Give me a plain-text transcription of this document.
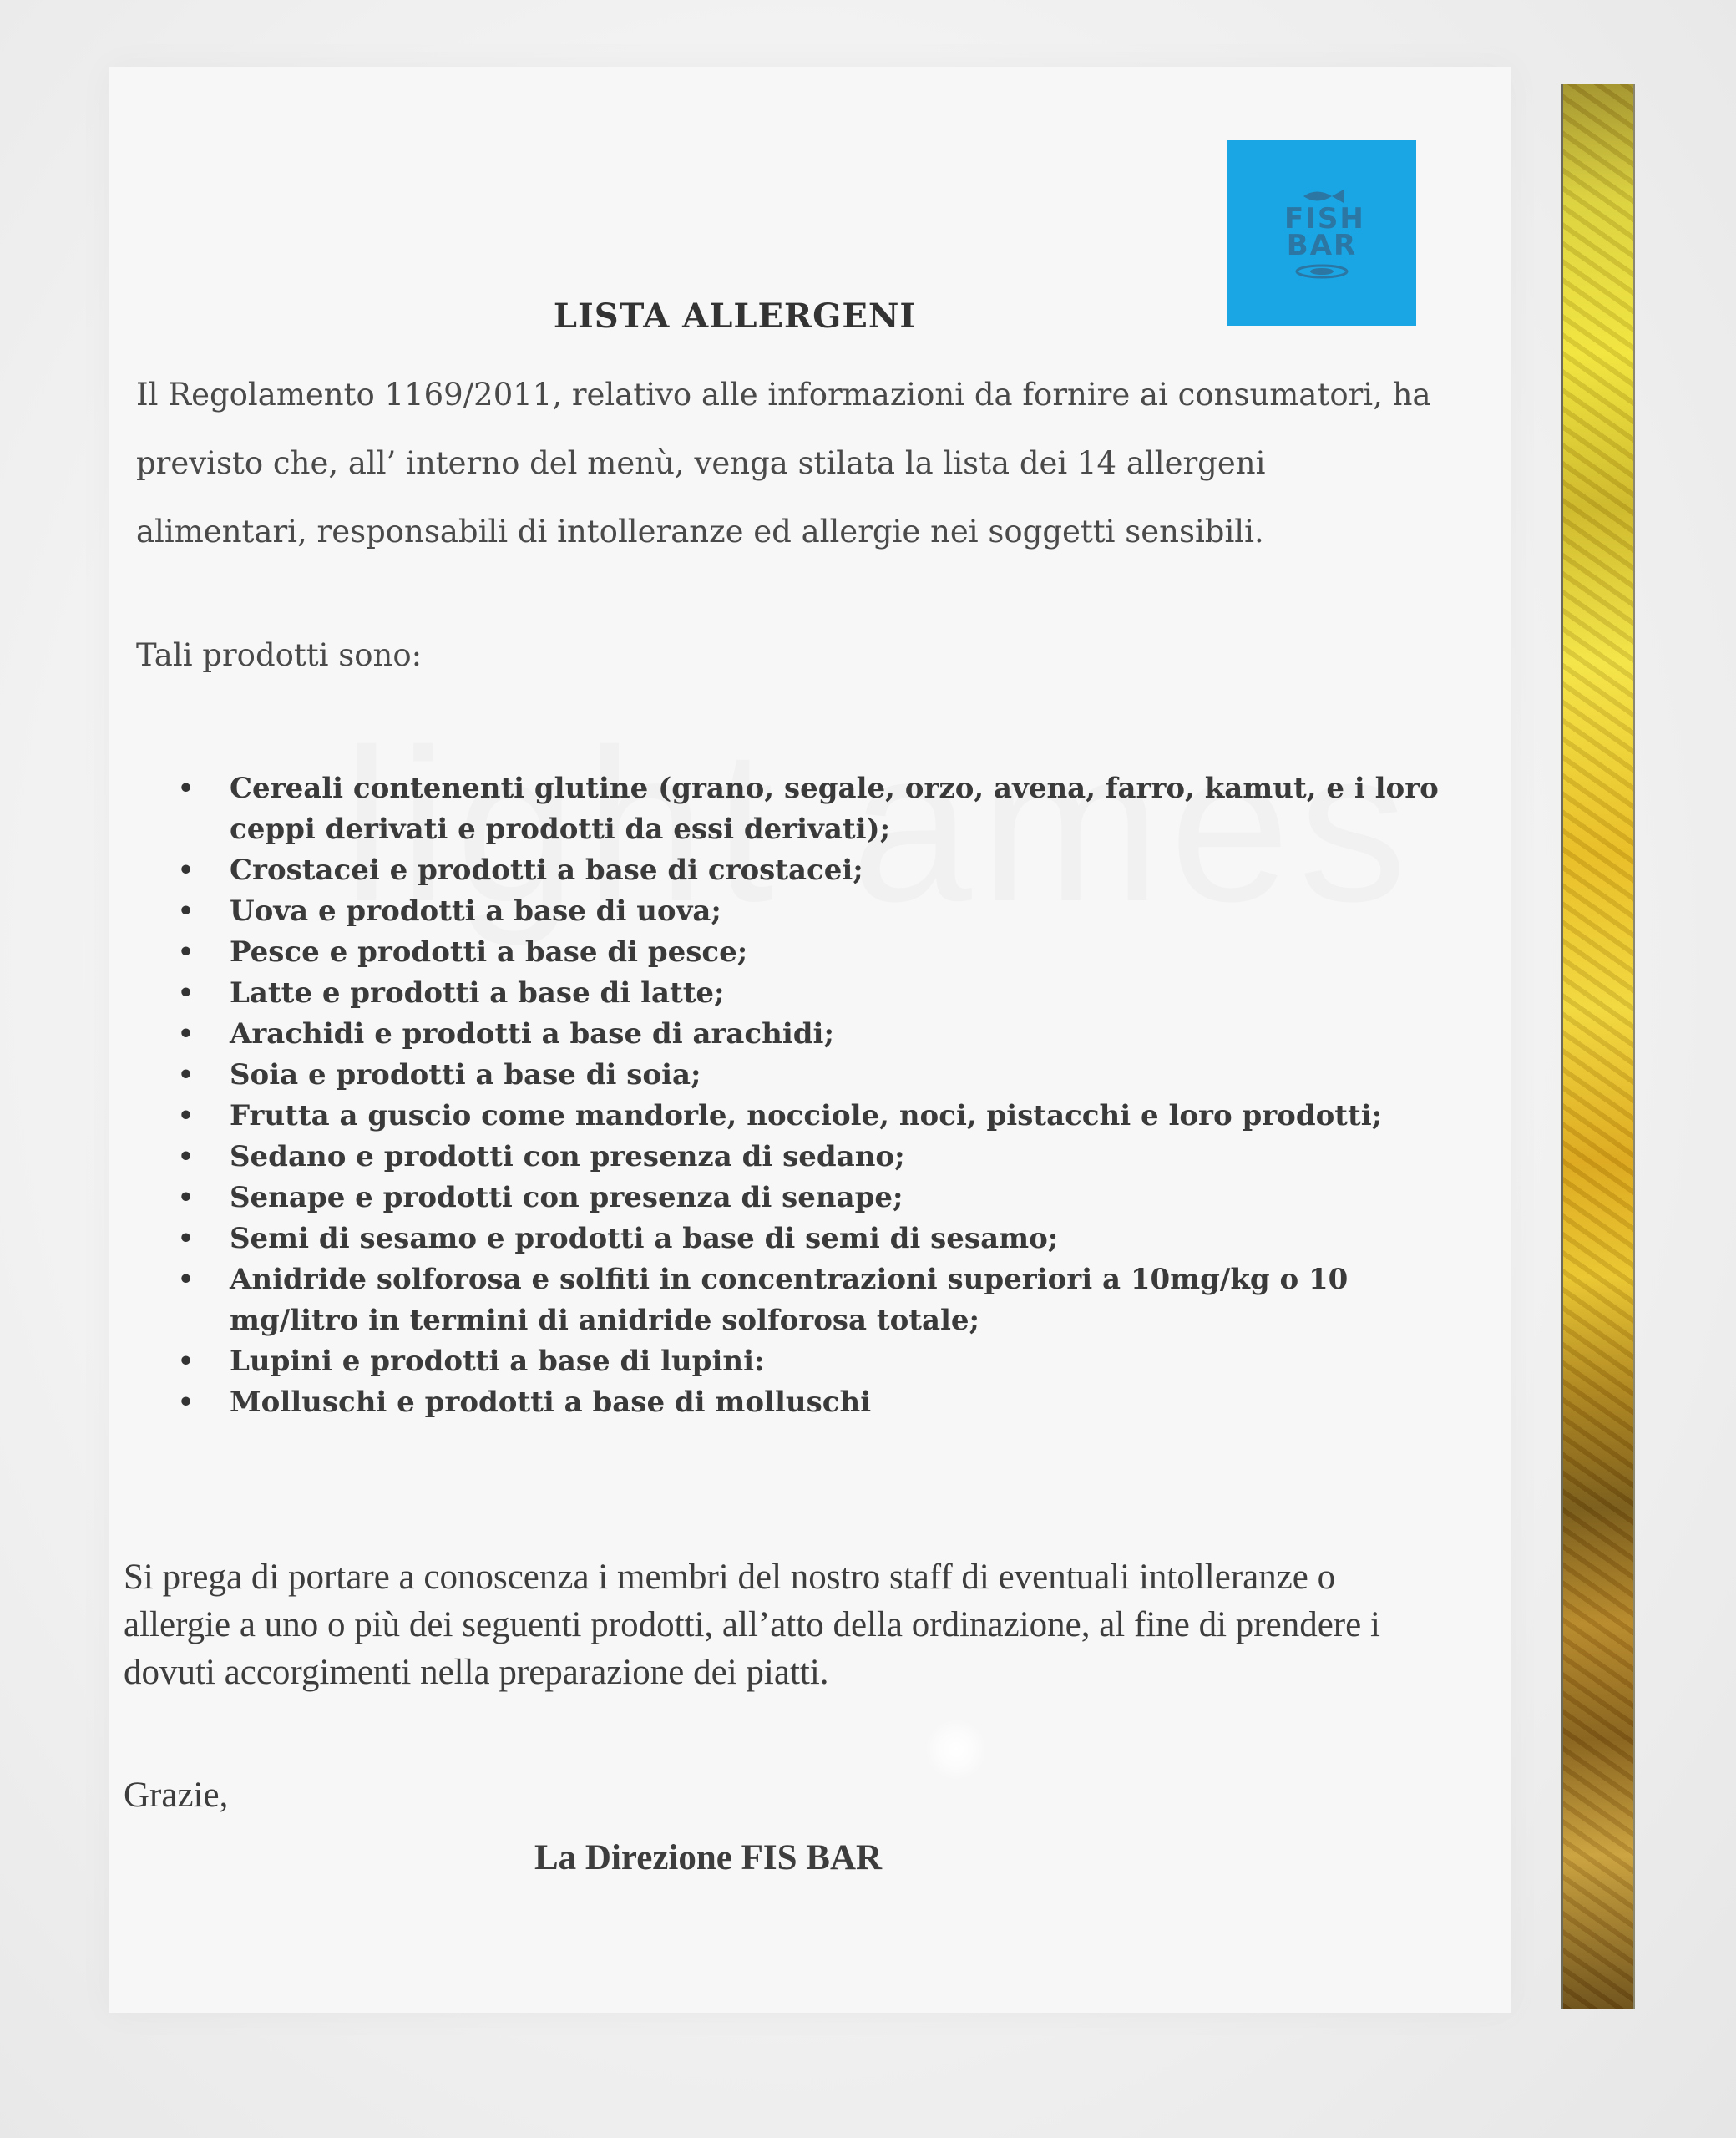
FISH
BAR
LISTA ALLERGENI

Il Regolamento 1169/2011, relativo alle informazioni da fornire ai consumatori, ha previsto che, all’ interno del menù, venga stilata la lista dei 14 allergeni alimentari, responsabili di intolleranze ed allergie nei soggetti sensibili.

Tali prodotti sono:

• Cereali contenenti glutine (grano, segale, orzo, avena, farro, kamut, e i loro ceppi derivati e prodotti da essi derivati);
• Crostacei e prodotti a base di crostacei;
• Uova e prodotti a base di uova;
• Pesce e prodotti a base di pesce;
• Latte e prodotti a base di latte;
• Arachidi e prodotti a base di arachidi;
• Soia e prodotti a base di soia;
• Frutta a guscio come mandorle, nocciole, noci, pistacchi e loro prodotti;
• Sedano e prodotti con presenza di sedano;
• Senape e prodotti con presenza di senape;
• Semi di sesamo e prodotti a base di semi di sesamo;
• Anidride solforosa e solfiti in concentrazioni superiori a 10mg/kg o 10 mg/litro in termini di anidride solforosa totale;
• Lupini e prodotti a base di lupini:
• Molluschi e prodotti a base di molluschi

Si prega di portare a conoscenza i membri del nostro staff di eventuali intolleranze o allergie a uno o più dei seguenti prodotti, all’atto della ordinazione, al fine di prendere i dovuti accorgimenti nella preparazione dei piatti.

Grazie,

La Direzione FIS BAR
